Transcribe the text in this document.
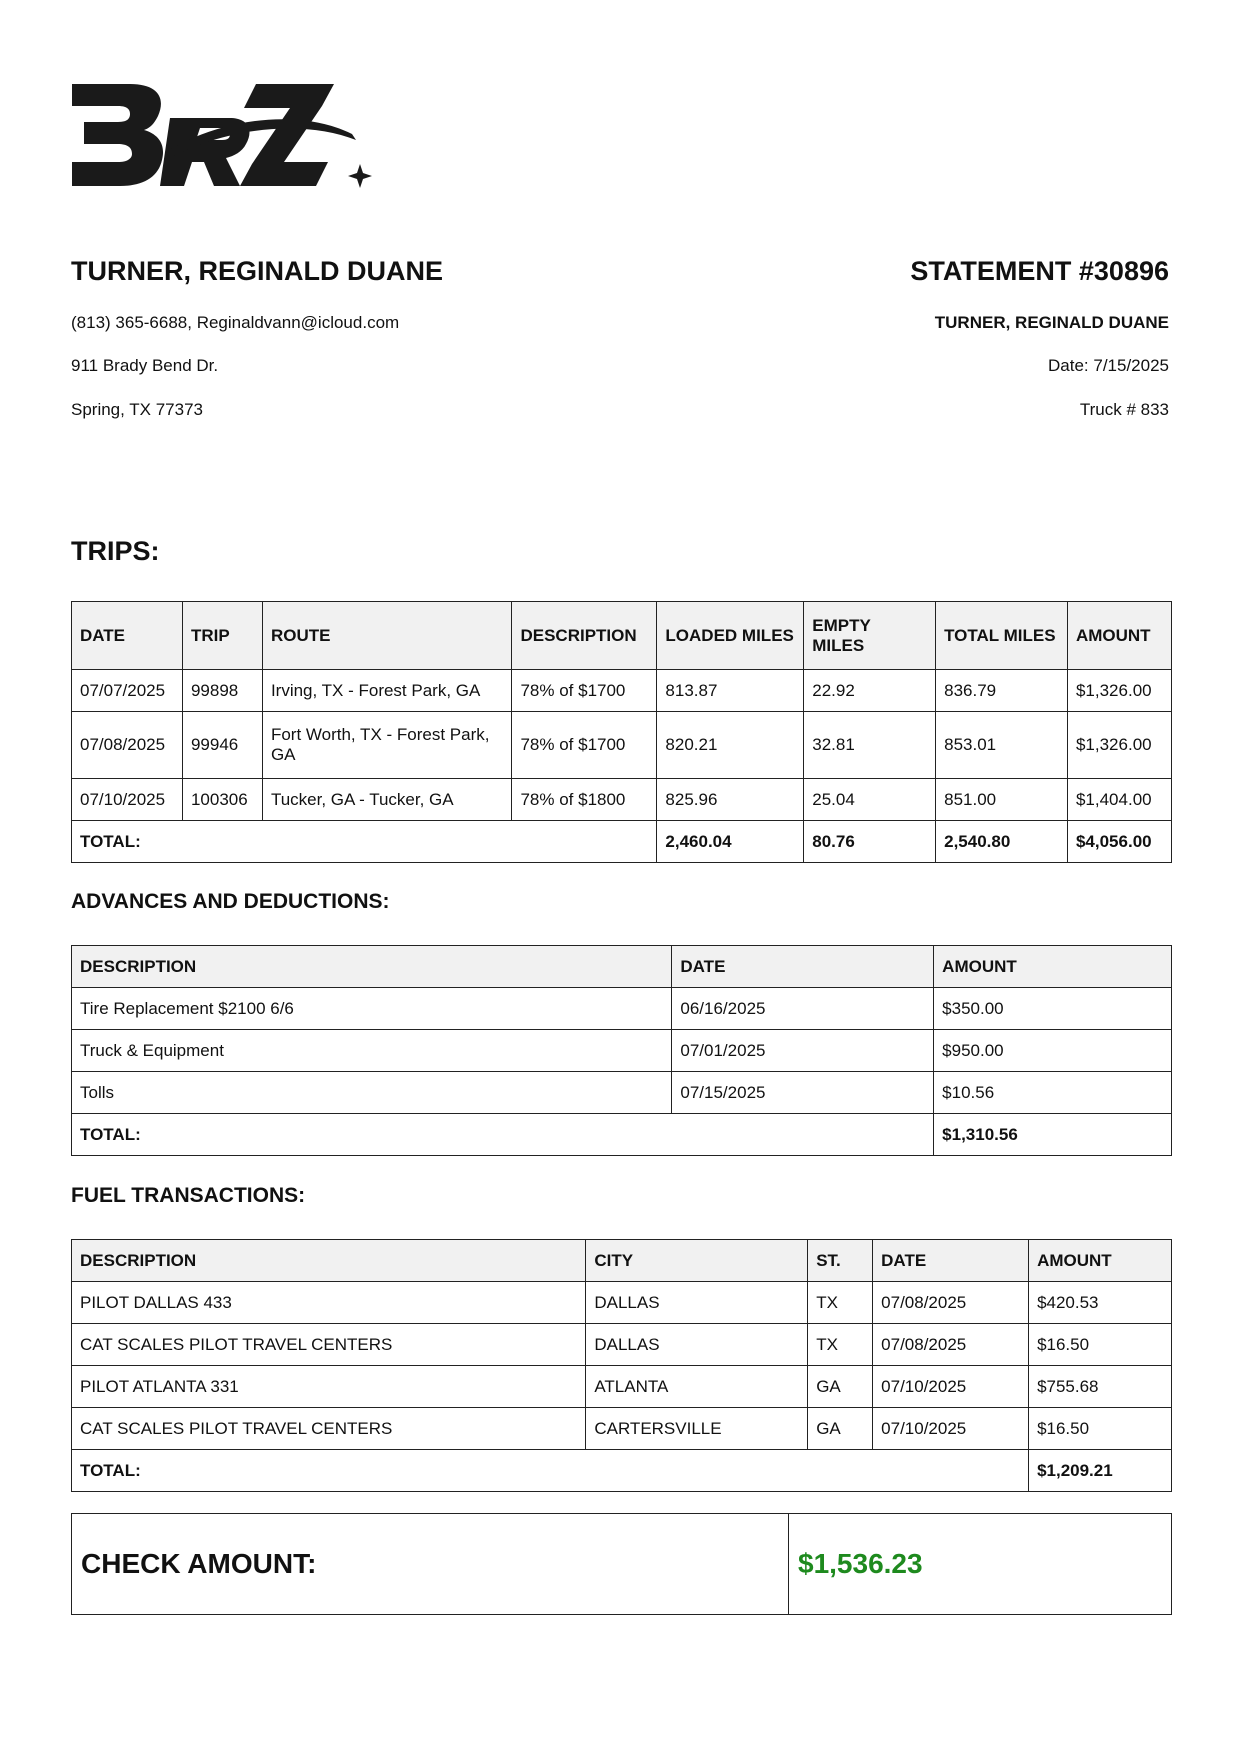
TURNER, REGINALD DUANE

(813) 365-6688, Reginaldvann@icloud.com

911 Brady Bend Dr.

Spring, TX 77373

STATEMENT #30896

TURNER, REGINALD DUANE

Date: 7/15/2025

Truck # 833

TRIPS:

DATE	TRIP	ROUTE	DESCRIPTION	LOADED MILES	EMPTY MILES	TOTAL MILES	AMOUNT
07/07/2025	99898	Irving, TX - Forest Park, GA	78% of $1700	813.87	22.92	836.79	$1,326.00
07/08/2025	99946	Fort Worth, TX - Forest Park, GA	78% of $1700	820.21	32.81	853.01	$1,326.00
07/10/2025	100306	Tucker, GA - Tucker, GA	78% of $1800	825.96	25.04	851.00	$1,404.00
TOTAL:				2,460.04	80.76	2,540.80	$4,056.00

ADVANCES AND DEDUCTIONS:

DESCRIPTION	DATE	AMOUNT
Tire Replacement $2100 6/6	06/16/2025	$350.00
Truck & Equipment	07/01/2025	$950.00
Tolls	07/15/2025	$10.56
TOTAL:		$1,310.56

FUEL TRANSACTIONS:

DESCRIPTION	CITY	ST.	DATE	AMOUNT
PILOT DALLAS 433	DALLAS	TX	07/08/2025	$420.53
CAT SCALES PILOT TRAVEL CENTERS	DALLAS	TX	07/08/2025	$16.50
PILOT ATLANTA 331	ATLANTA	GA	07/10/2025	$755.68
CAT SCALES PILOT TRAVEL CENTERS	CARTERSVILLE	GA	07/10/2025	$16.50
TOTAL:				$1,209.21
CHECK AMOUNT:	$1,536.23
